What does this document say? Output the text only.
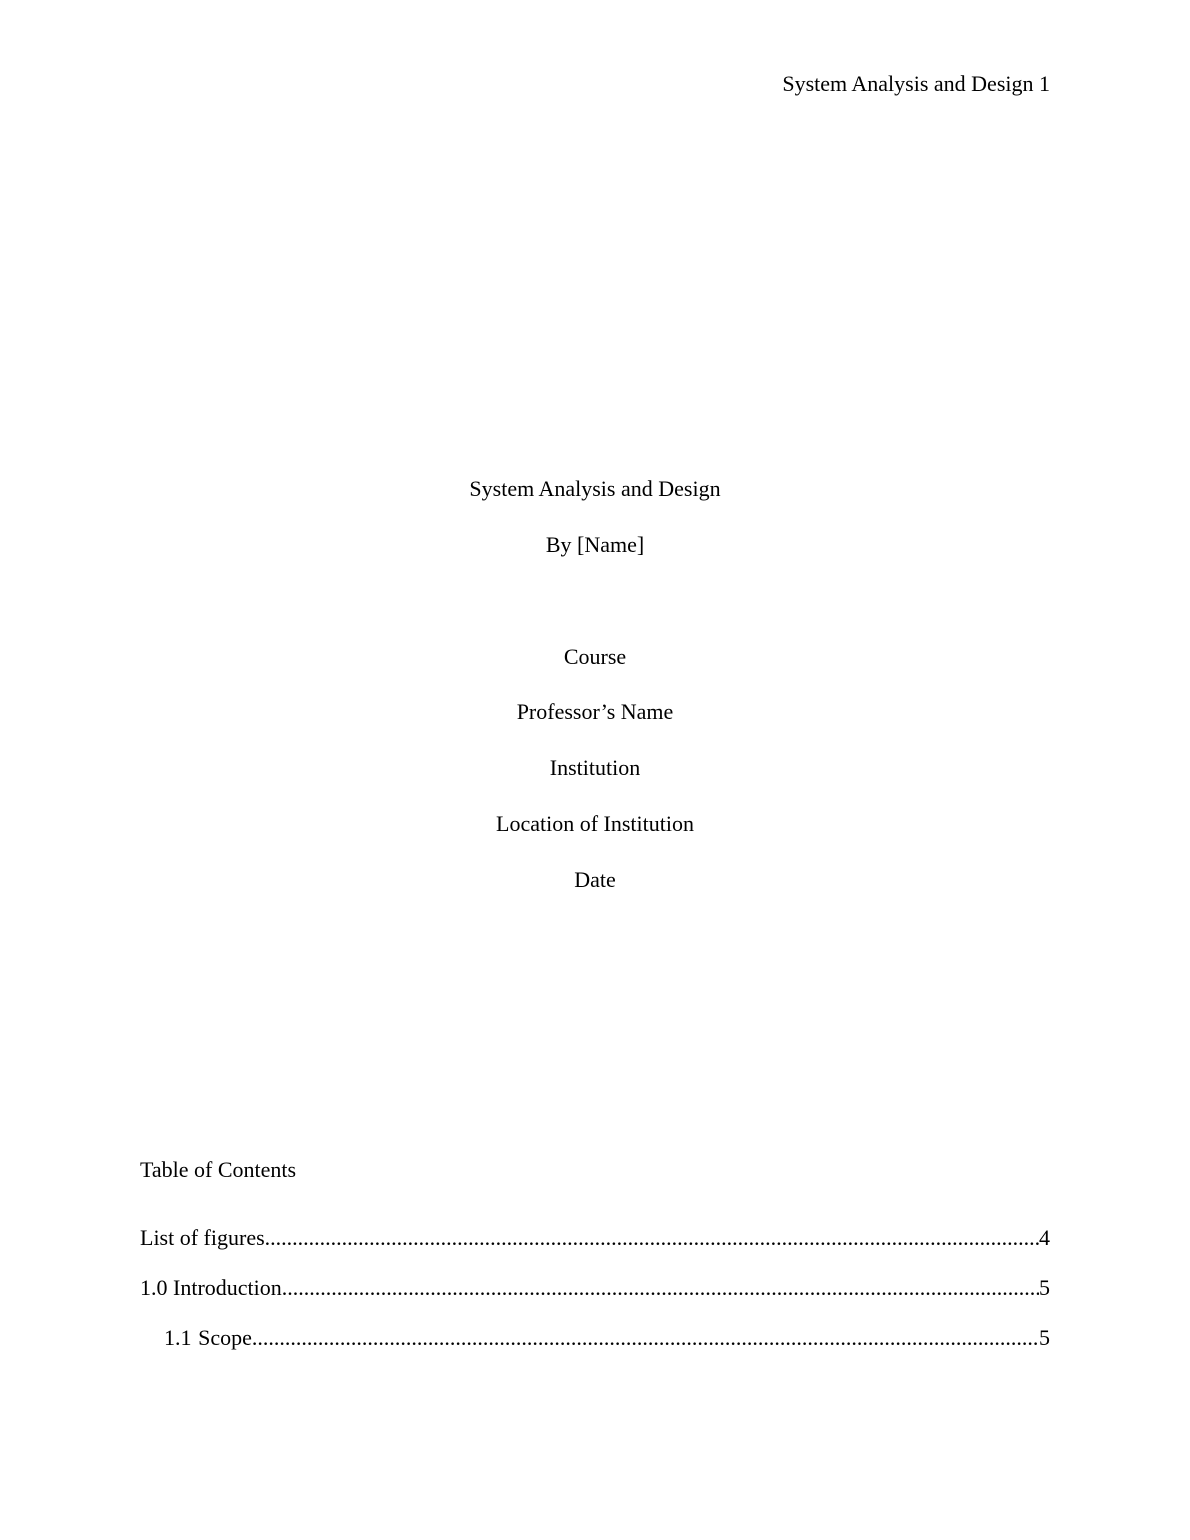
System Analysis and Design 1
System Analysis and Design
By [Name]
Course
Professor’s Name
Institution
Location of Institution
Date
Table of Contents
List of figures .....	4
1.0 Introduction .....	5
1.1 Scope .....	5
